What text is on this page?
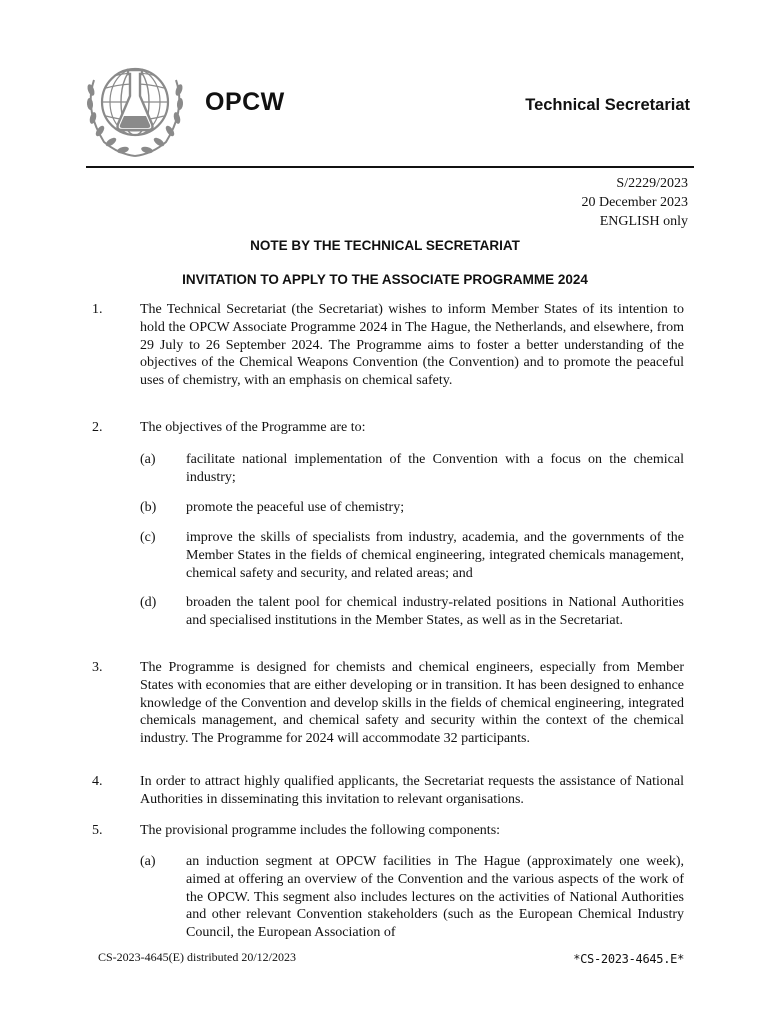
OPCW	Technical Secretariat
S/2229/2023
20 December 2023
ENGLISH only
NOTE BY THE TECHNICAL SECRETARIAT
INVITATION TO APPLY TO THE ASSOCIATE PROGRAMME 2024
1.	The Technical Secretariat (the Secretariat) wishes to inform Member States of its intention to hold the OPCW Associate Programme 2024 in The Hague, the Netherlands, and elsewhere, from 29 July to 26 September 2024. The Programme aims to foster a better understanding of the objectives of the Chemical Weapons Convention (the Convention) and to promote the peaceful uses of chemistry, with an emphasis on chemical safety.
2.	The objectives of the Programme are to:
(a) facilitate national implementation of the Convention with a focus on the chemical industry;
(b) promote the peaceful use of chemistry;
(c) improve the skills of specialists from industry, academia, and the governments of the Member States in the fields of chemical engineering, integrated chemicals management, chemical safety and security, and related areas; and
(d) broaden the talent pool for chemical industry-related positions in National Authorities and specialised institutions in the Member States, as well as in the Secretariat.
3.	The Programme is designed for chemists and chemical engineers, especially from Member States with economies that are either developing or in transition. It has been designed to enhance knowledge of the Convention and develop skills in the fields of chemical engineering, integrated chemicals management, and chemical safety and security within the context of the chemical industry. The Programme for 2024 will accommodate 32 participants.
4.	In order to attract highly qualified applicants, the Secretariat requests the assistance of National Authorities in disseminating this invitation to relevant organisations.
5.	The provisional programme includes the following components:
(a) an induction segment at OPCW facilities in The Hague (approximately one week), aimed at offering an overview of the Convention and the various aspects of the work of the OPCW. This segment also includes lectures on the activities of National Authorities and other relevant Convention stakeholders (such as the European Chemical Industry Council, the European Association of
CS-2023-4645(E) distributed 20/12/2023	*CS-2023-4645.E*
